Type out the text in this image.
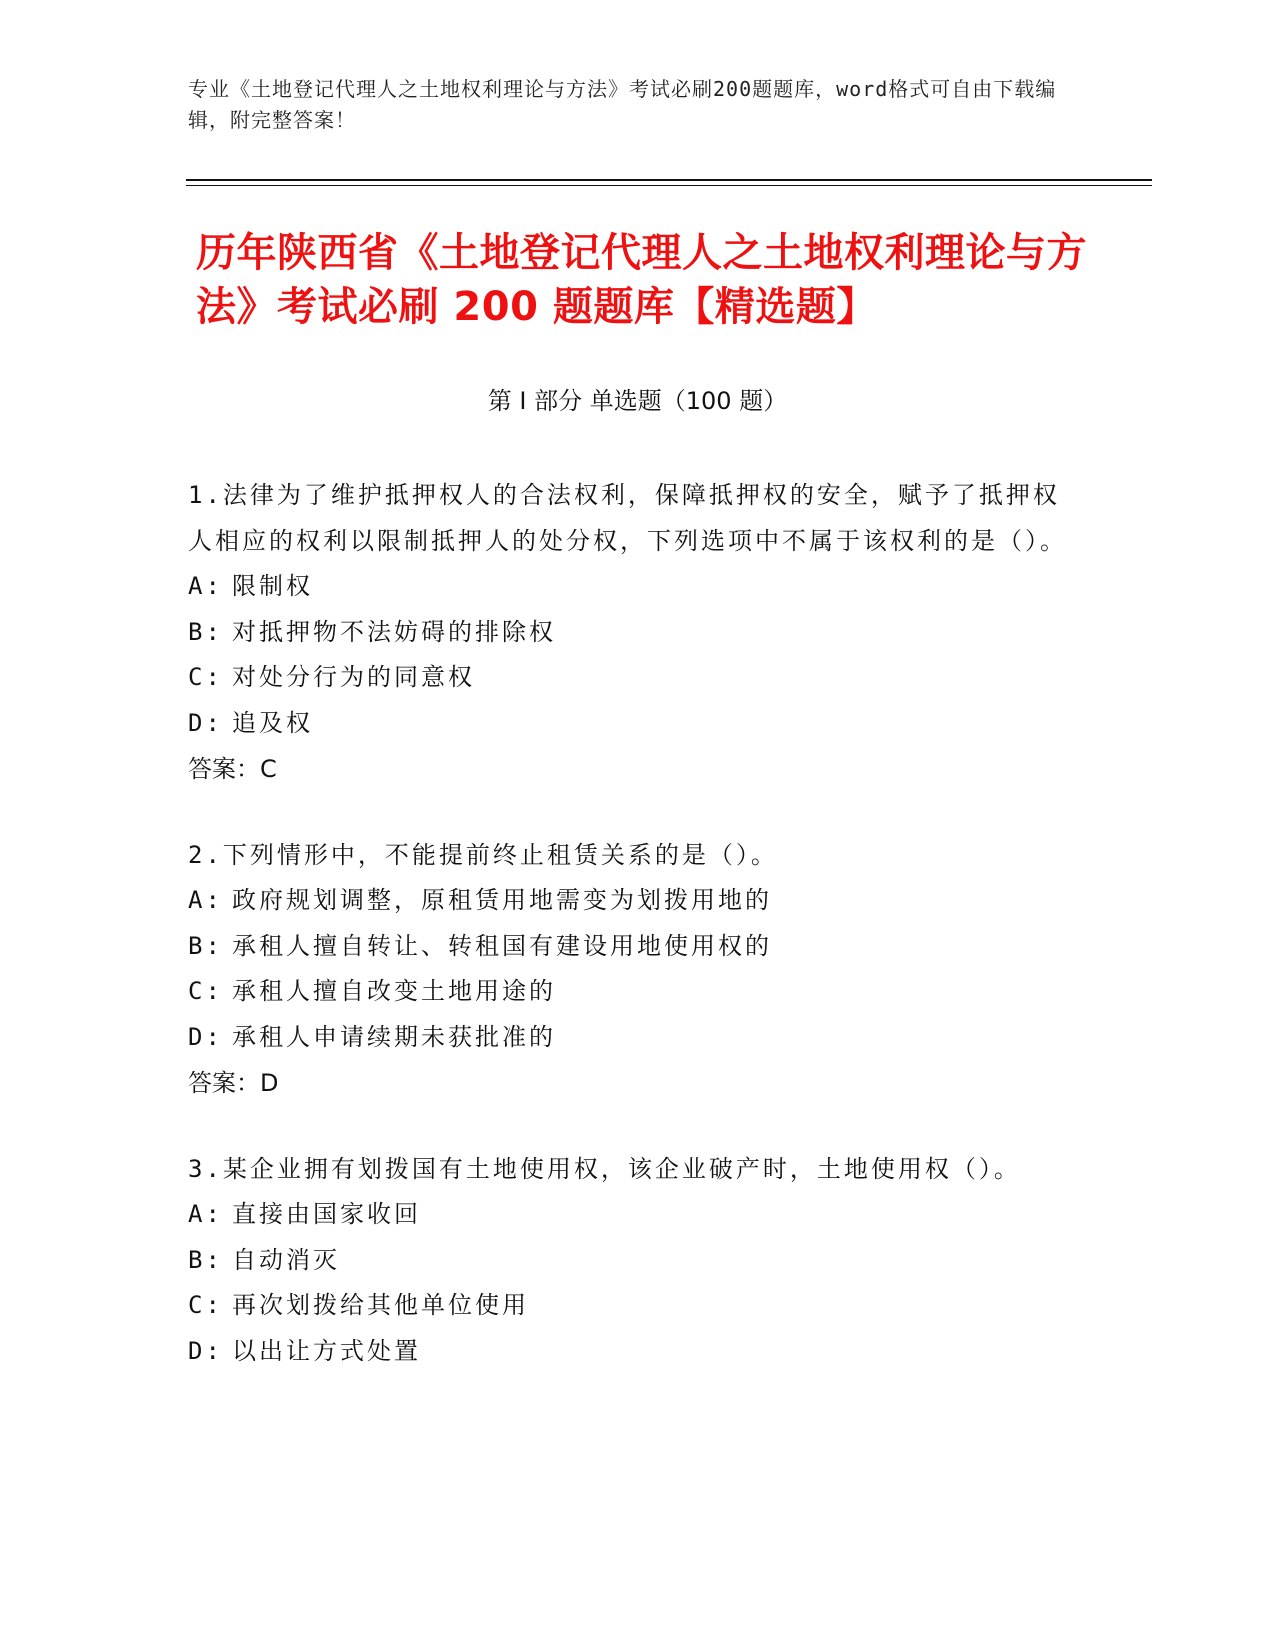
专业《土地登记代理人之土地权利理论与方法》考试必刷200题题库，word格式可自由下载编辑，附完整答案！
历年陕西省《土地登记代理人之土地权利理论与方法》考试必刷 200 题题库【精选题】
第 I 部分 单选题（100 题）
1.法律为了维护抵押权人的合法权利，保障抵押权的安全，赋予了抵押权人相应的权利以限制抵押人的处分权，下列选项中不属于该权利的是（）。
A: 限制权
B: 对抵押物不法妨碍的排除权
C: 对处分行为的同意权
D: 追及权
答案：C
2.下列情形中，不能提前终止租赁关系的是（）。
A: 政府规划调整，原租赁用地需变为划拨用地的
B: 承租人擅自转让、转租国有建设用地使用权的
C: 承租人擅自改变土地用途的
D: 承租人申请续期未获批准的
答案：D
3.某企业拥有划拨国有土地使用权，该企业破产时，土地使用权（）。
A: 直接由国家收回
B: 自动消灭
C: 再次划拨给其他单位使用
D: 以出让方式处置
